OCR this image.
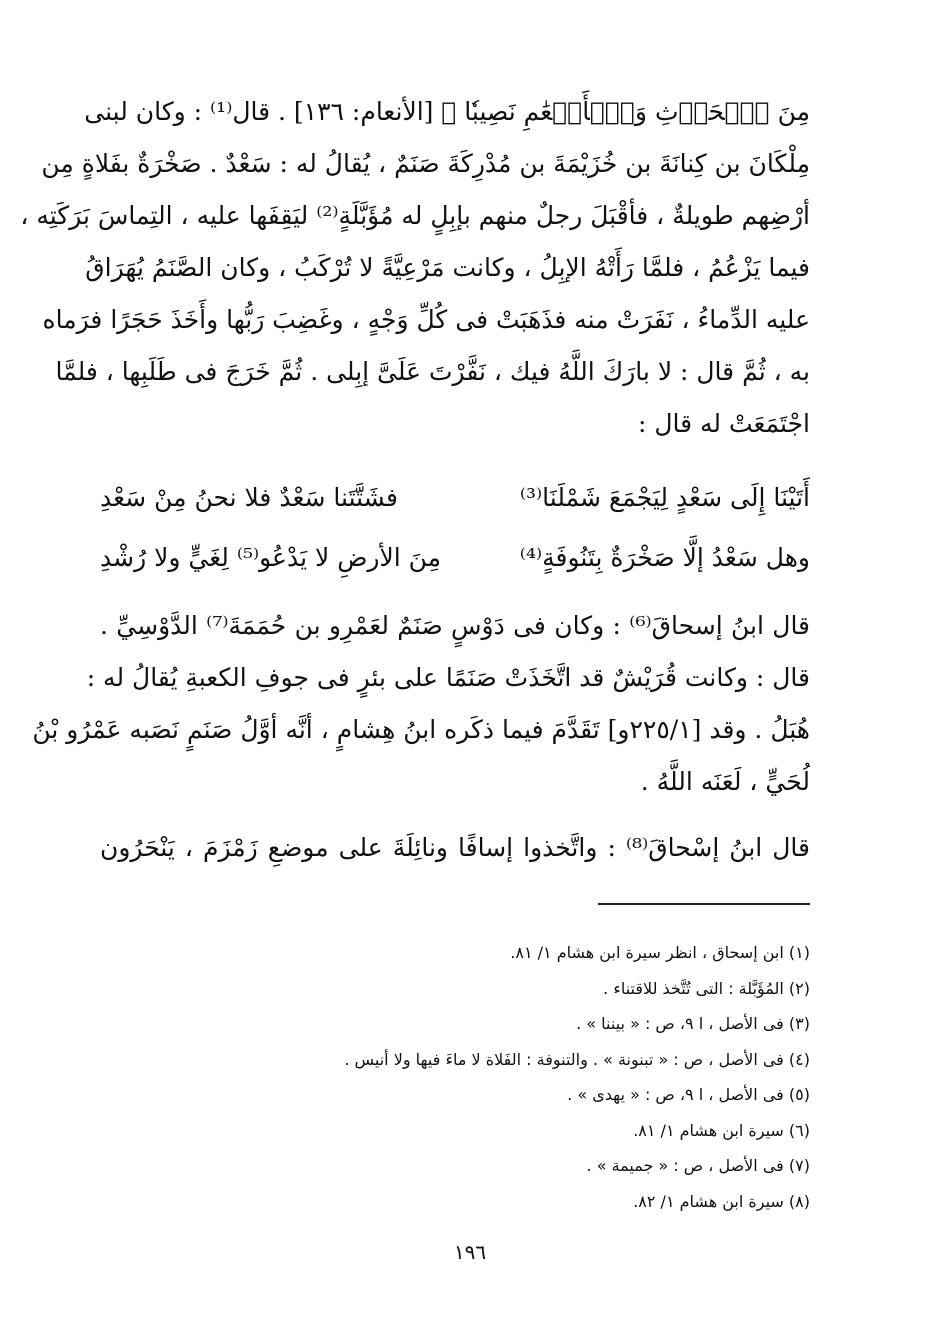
مِنَ ٱلۡحَرۡثِ وَٱلۡأَنۡعَٰمِ نَصِيبٗا ﴾ [الأنعام: ١٣٦] . قال⁽¹⁾ : وكان لبنى
مِلْكَانَ بن كِنانَةَ بن خُزَيْمَةَ بن مُدْرِكَةَ صَنَمٌ ، يُقالُ له : سَعْدٌ . صَخْرَةٌ بفَلاةٍ مِن
أرْضِهم طويلةٌ ، فأقْبَلَ رجلٌ منهم بإبِلٍ له مُؤَبَّلَةٍ⁽²⁾ ليَقِفَها عليه ، التِماسَ بَرَكَتِه ،
فيما يَزْعُمُ ، فلمَّا رَأَتْهُ الإبِلُ ، وكانت مَرْعِيَّةً لا تُرْكَبُ ، وكان الصَّنَمُ يُهَرَاقُ
عليه الدِّماءُ ، نَفَرَتْ منه فذَهَبَتْ فى كُلِّ وَجْهٍ ، وغَضِبَ رَبُّها وأَخَذَ حَجَرًا فرَماه
به ، ثُمَّ قال : لا بارَكَ اللَّهُ فيك ، نَفَّرْتَ عَلَىَّ إبِلى . ثُمَّ خَرَجَ فى طَلَبِها ، فلمَّا
اجْتَمَعَتْ له قال :
أَتَيْنَا إِلَى سَعْدٍ لِيَجْمَعَ شَمْلَنَا⁽³⁾
فشَتَّتَنا سَعْدٌ فلا نحنُ مِنْ سَعْدِ
وهل سَعْدُ إلَّا صَخْرَةٌ بِتَنُوفَةٍ⁽⁴⁾
مِنَ الأرضِ لا يَدْعُو⁽⁵⁾ لِغَيٍّ ولا رُشْدِ
قال ابنُ إسحاقَ⁽⁶⁾ : وكان فى دَوْسٍ صَنَمٌ لعَمْرِو بن حُمَمَةَ⁽⁷⁾ الدَّوْسِيِّ .
قال : وكانت قُرَيْشٌ قد اتَّخَذَتْ صَنَمًا على بئرٍ فى جوفِ الكعبةِ يُقالُ له :
هُبَلُ . وقد [٢٢٥/١و] تَقَدَّمَ فيما ذكَره ابنُ هِشامٍ ، أنَّه أوَّلُ صَنَمٍ نَصَبه عَمْرُو بْنُ
لُحَيٍّ ، لَعَنَه اللَّهُ .
قال ابنُ إسْحاقَ⁽⁸⁾ : واتَّخذوا إسافًا ونائِلَةَ على موضعِ زَمْزَمَ ، يَنْحَرُون
(١) ابن إسحاق ، انظر سيرة ابن هشام ١/ ٨١.
(٢) المُؤَبَّلة : التى تُتَّخذ للاقتناء .
(٣) فى الأصل ، ا ٩، ص : « بيننا » .
(٤) فى الأصل ، ص : « تبنونة » . والتنوفة : الفَلاة لا ماءَ فيها ولا أنيس .
(٥) فى الأصل ، ا ٩، ص : « يهدى » .
(٦) سيرة ابن هشام ١/ ٨١.
(٧) فى الأصل ، ص : « جميمة » .
(٨) سيرة ابن هشام ١/ ٨٢.
١٩٦
